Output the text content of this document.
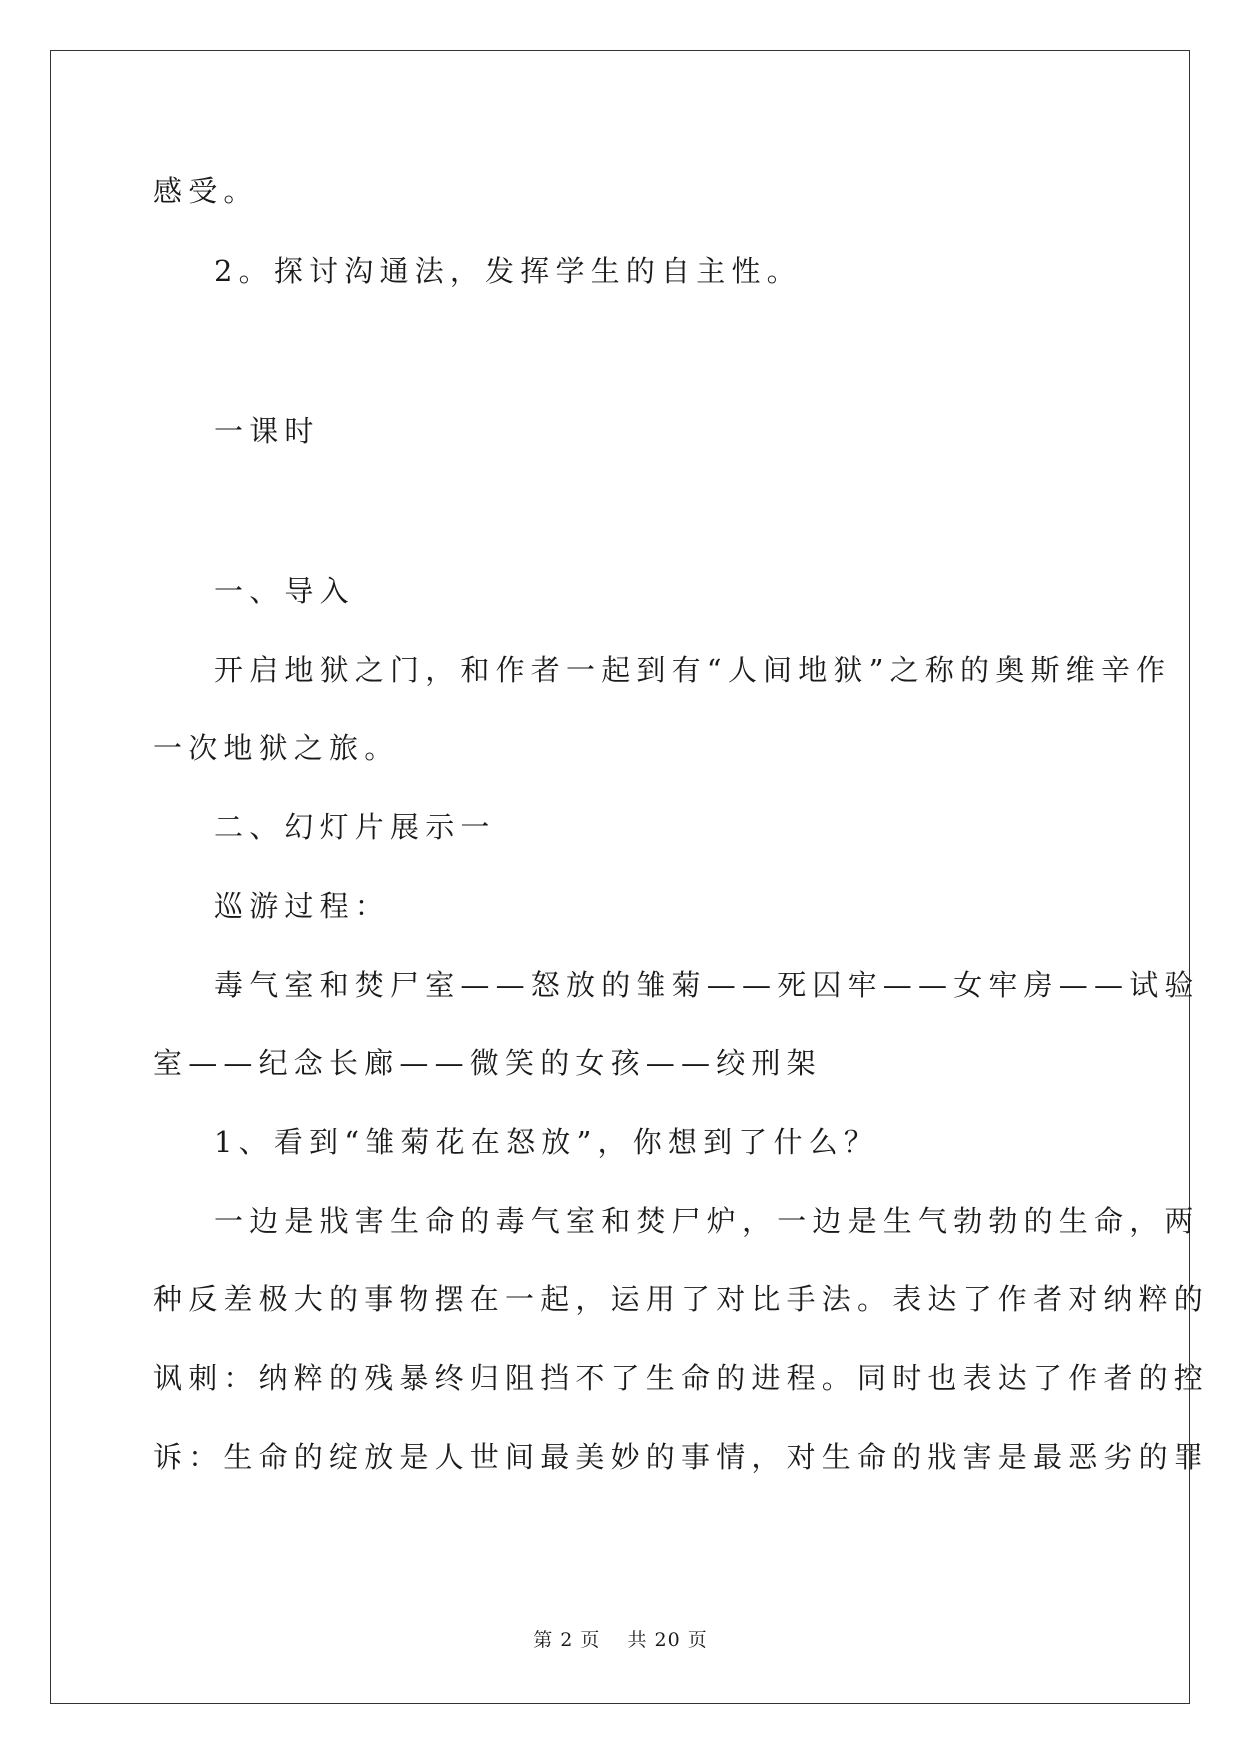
感受。
2。探讨沟通法，发挥学生的自主性。
一课时
一、导入
开启地狱之门，和作者一起到有“人间地狱”之称的奥斯维辛作
一次地狱之旅。
二、幻灯片展示一
巡游过程：
毒气室和焚尸室——怒放的雏菊——死囚牢——女牢房——试验
室——纪念长廊——微笑的女孩——绞刑架
1、看到“雏菊花在怒放”，你想到了什么？
一边是戕害生命的毒气室和焚尸炉，一边是生气勃勃的生命，两
种反差极大的事物摆在一起，运用了对比手法。表达了作者对纳粹的
讽刺：纳粹的残暴终归阻挡不了生命的进程。同时也表达了作者的控
诉：生命的绽放是人世间最美妙的事情，对生命的戕害是最恶劣的罪
第 2 页 共 20 页
